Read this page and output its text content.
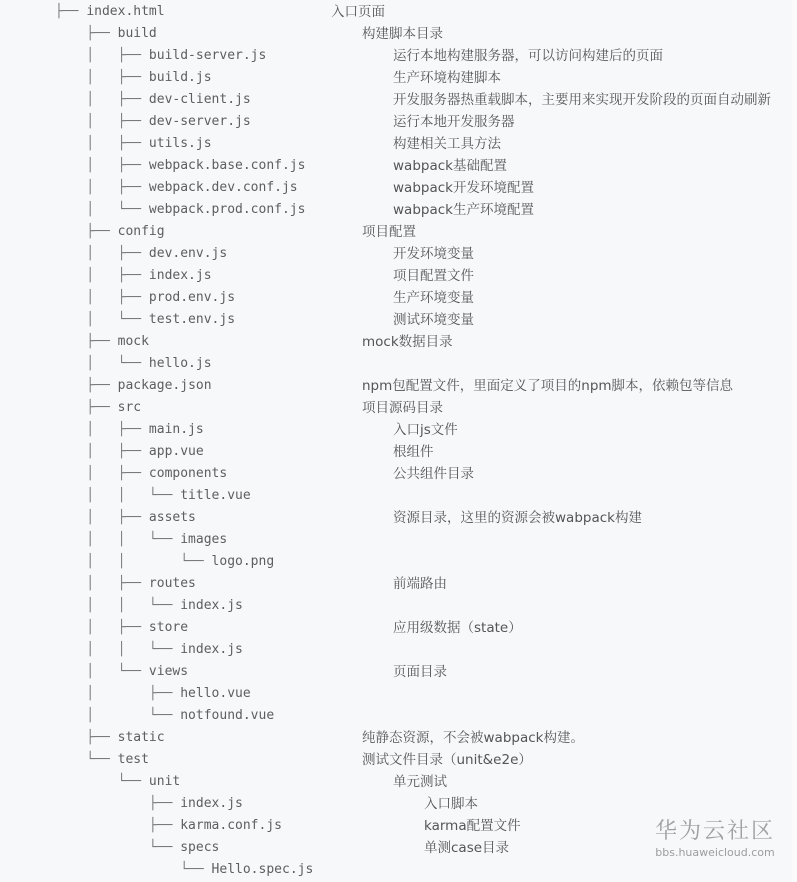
├── index.html	入口页面
├── build	构建脚本目录
│   ├── build-server.js	运行本地构建服务器，可以访问构建后的页面
│   ├── build.js	生产环境构建脚本
│   ├── dev-client.js	开发服务器热重载脚本，主要用来实现开发阶段的页面自动刷新
│   ├── dev-server.js	运行本地开发服务器
│   ├── utils.js	构建相关工具方法
│   ├── webpack.base.conf.js	wabpack基础配置
│   ├── webpack.dev.conf.js	wabpack开发环境配置
│   └── webpack.prod.conf.js	wabpack生产环境配置
├── config	项目配置
│   ├── dev.env.js	开发环境变量
│   ├── index.js	项目配置文件
│   ├── prod.env.js	生产环境变量
│   └── test.env.js	测试环境变量
├── mock	mock数据目录
│   └── hello.js
├── package.json	npm包配置文件，里面定义了项目的npm脚本，依赖包等信息
├── src	项目源码目录
│   ├── main.js	入口js文件
│   ├── app.vue	根组件
│   ├── components	公共组件目录
│   │   └── title.vue
│   ├── assets	资源目录，这里的资源会被wabpack构建
│   │   └── images
│   │       └── logo.png
│   ├── routes	前端路由
│   │   └── index.js
│   ├── store	应用级数据（state）
│   │   └── index.js
│   └── views	页面目录
│       ├── hello.vue
│       └── notfound.vue
├── static	纯静态资源，不会被wabpack构建。
└── test	测试文件目录（unit&e2e）
└── unit	单元测试
├── index.js	入口脚本
├── karma.conf.js	karma配置文件
└── specs	单测case目录
└── Hello.spec.js
华为云社区
bbs.huaweicloud.com
